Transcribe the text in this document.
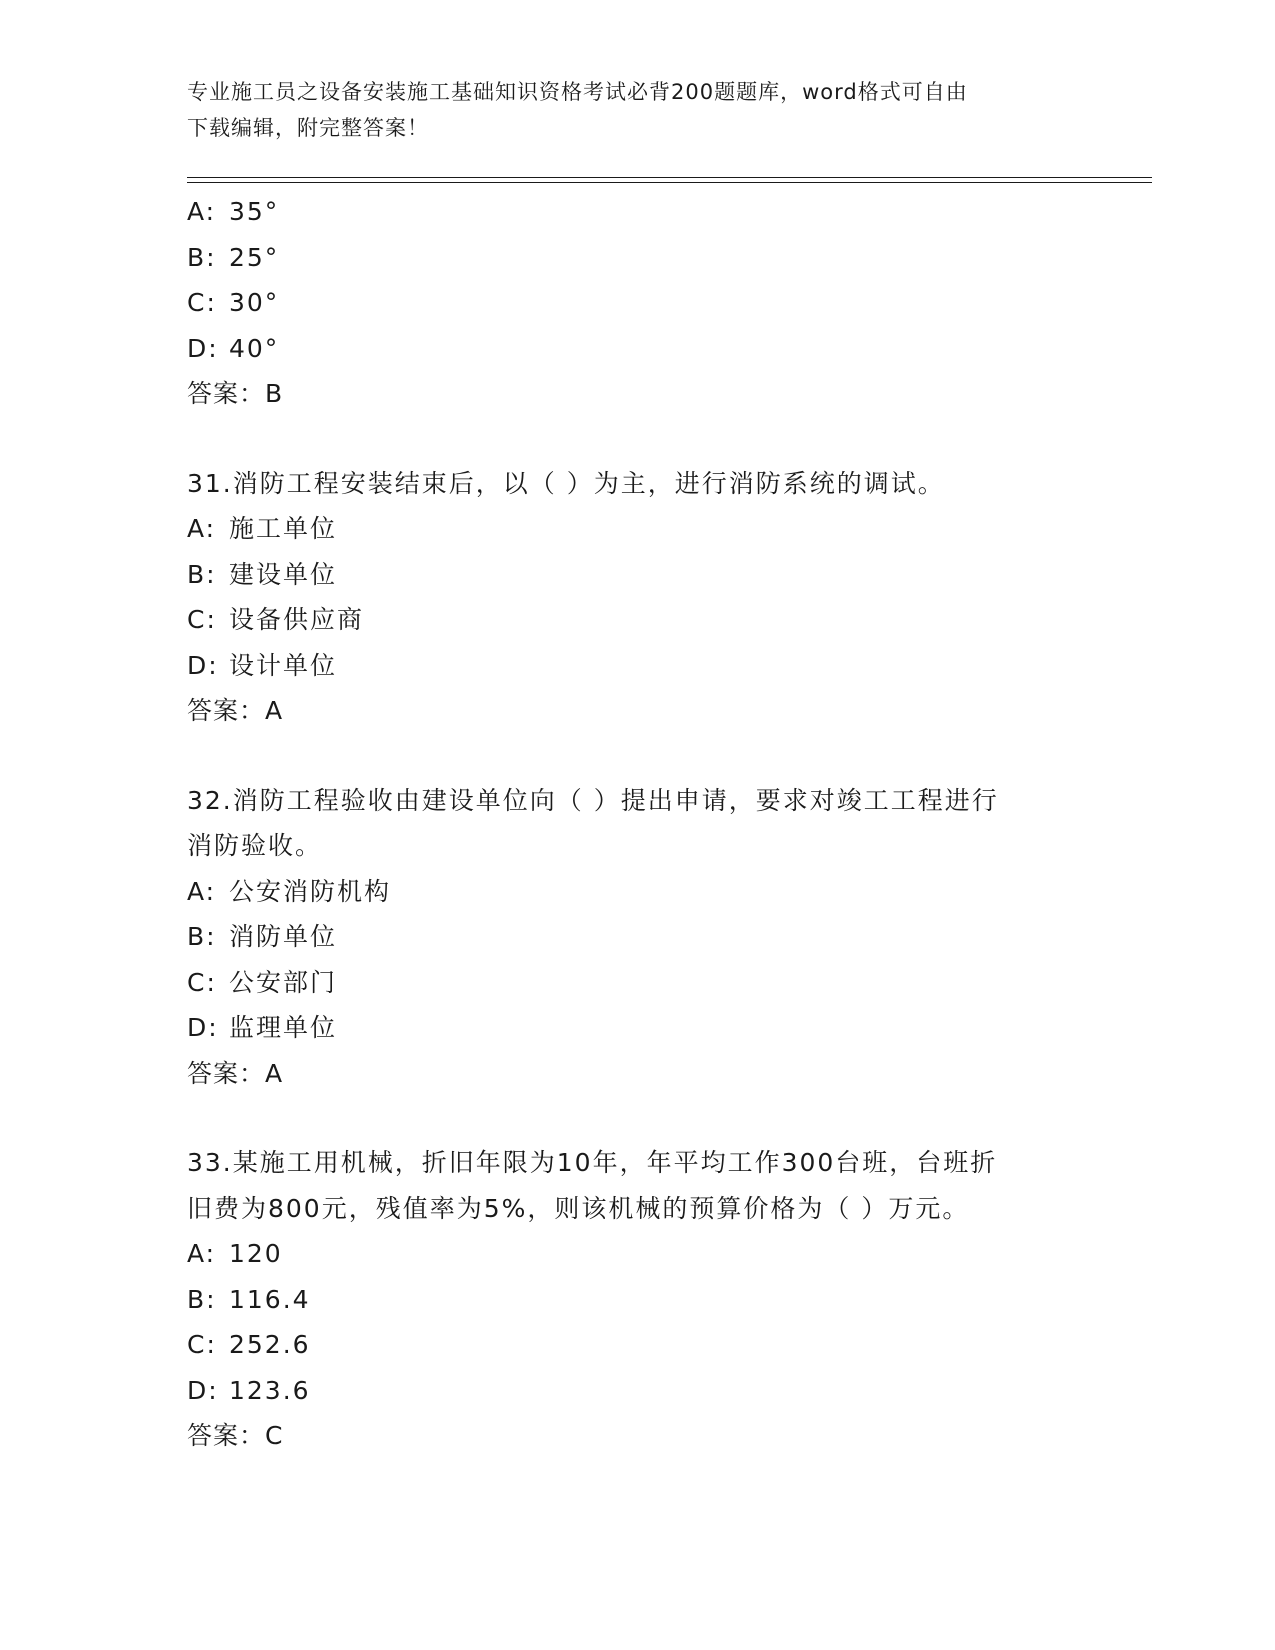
专业施工员之设备安装施工基础知识资格考试必背200题题库，word格式可自由
下载编辑，附完整答案！
A: 35°
B: 25°
C: 30°
D: 40°
答案：B
31.消防工程安装结束后，以（ ）为主，进行消防系统的调试。
A: 施工单位
B: 建设单位
C: 设备供应商
D: 设计单位
答案：A
32.消防工程验收由建设单位向（ ）提出申请，要求对竣工工程进行
消防验收。
A: 公安消防机构
B: 消防单位
C: 公安部门
D: 监理单位
答案：A
33.某施工用机械，折旧年限为10年，年平均工作300台班，台班折
旧费为800元，残值率为5%，则该机械的预算价格为（ ）万元。
A: 120
B: 116.4
C: 252.6
D: 123.6
答案：C
